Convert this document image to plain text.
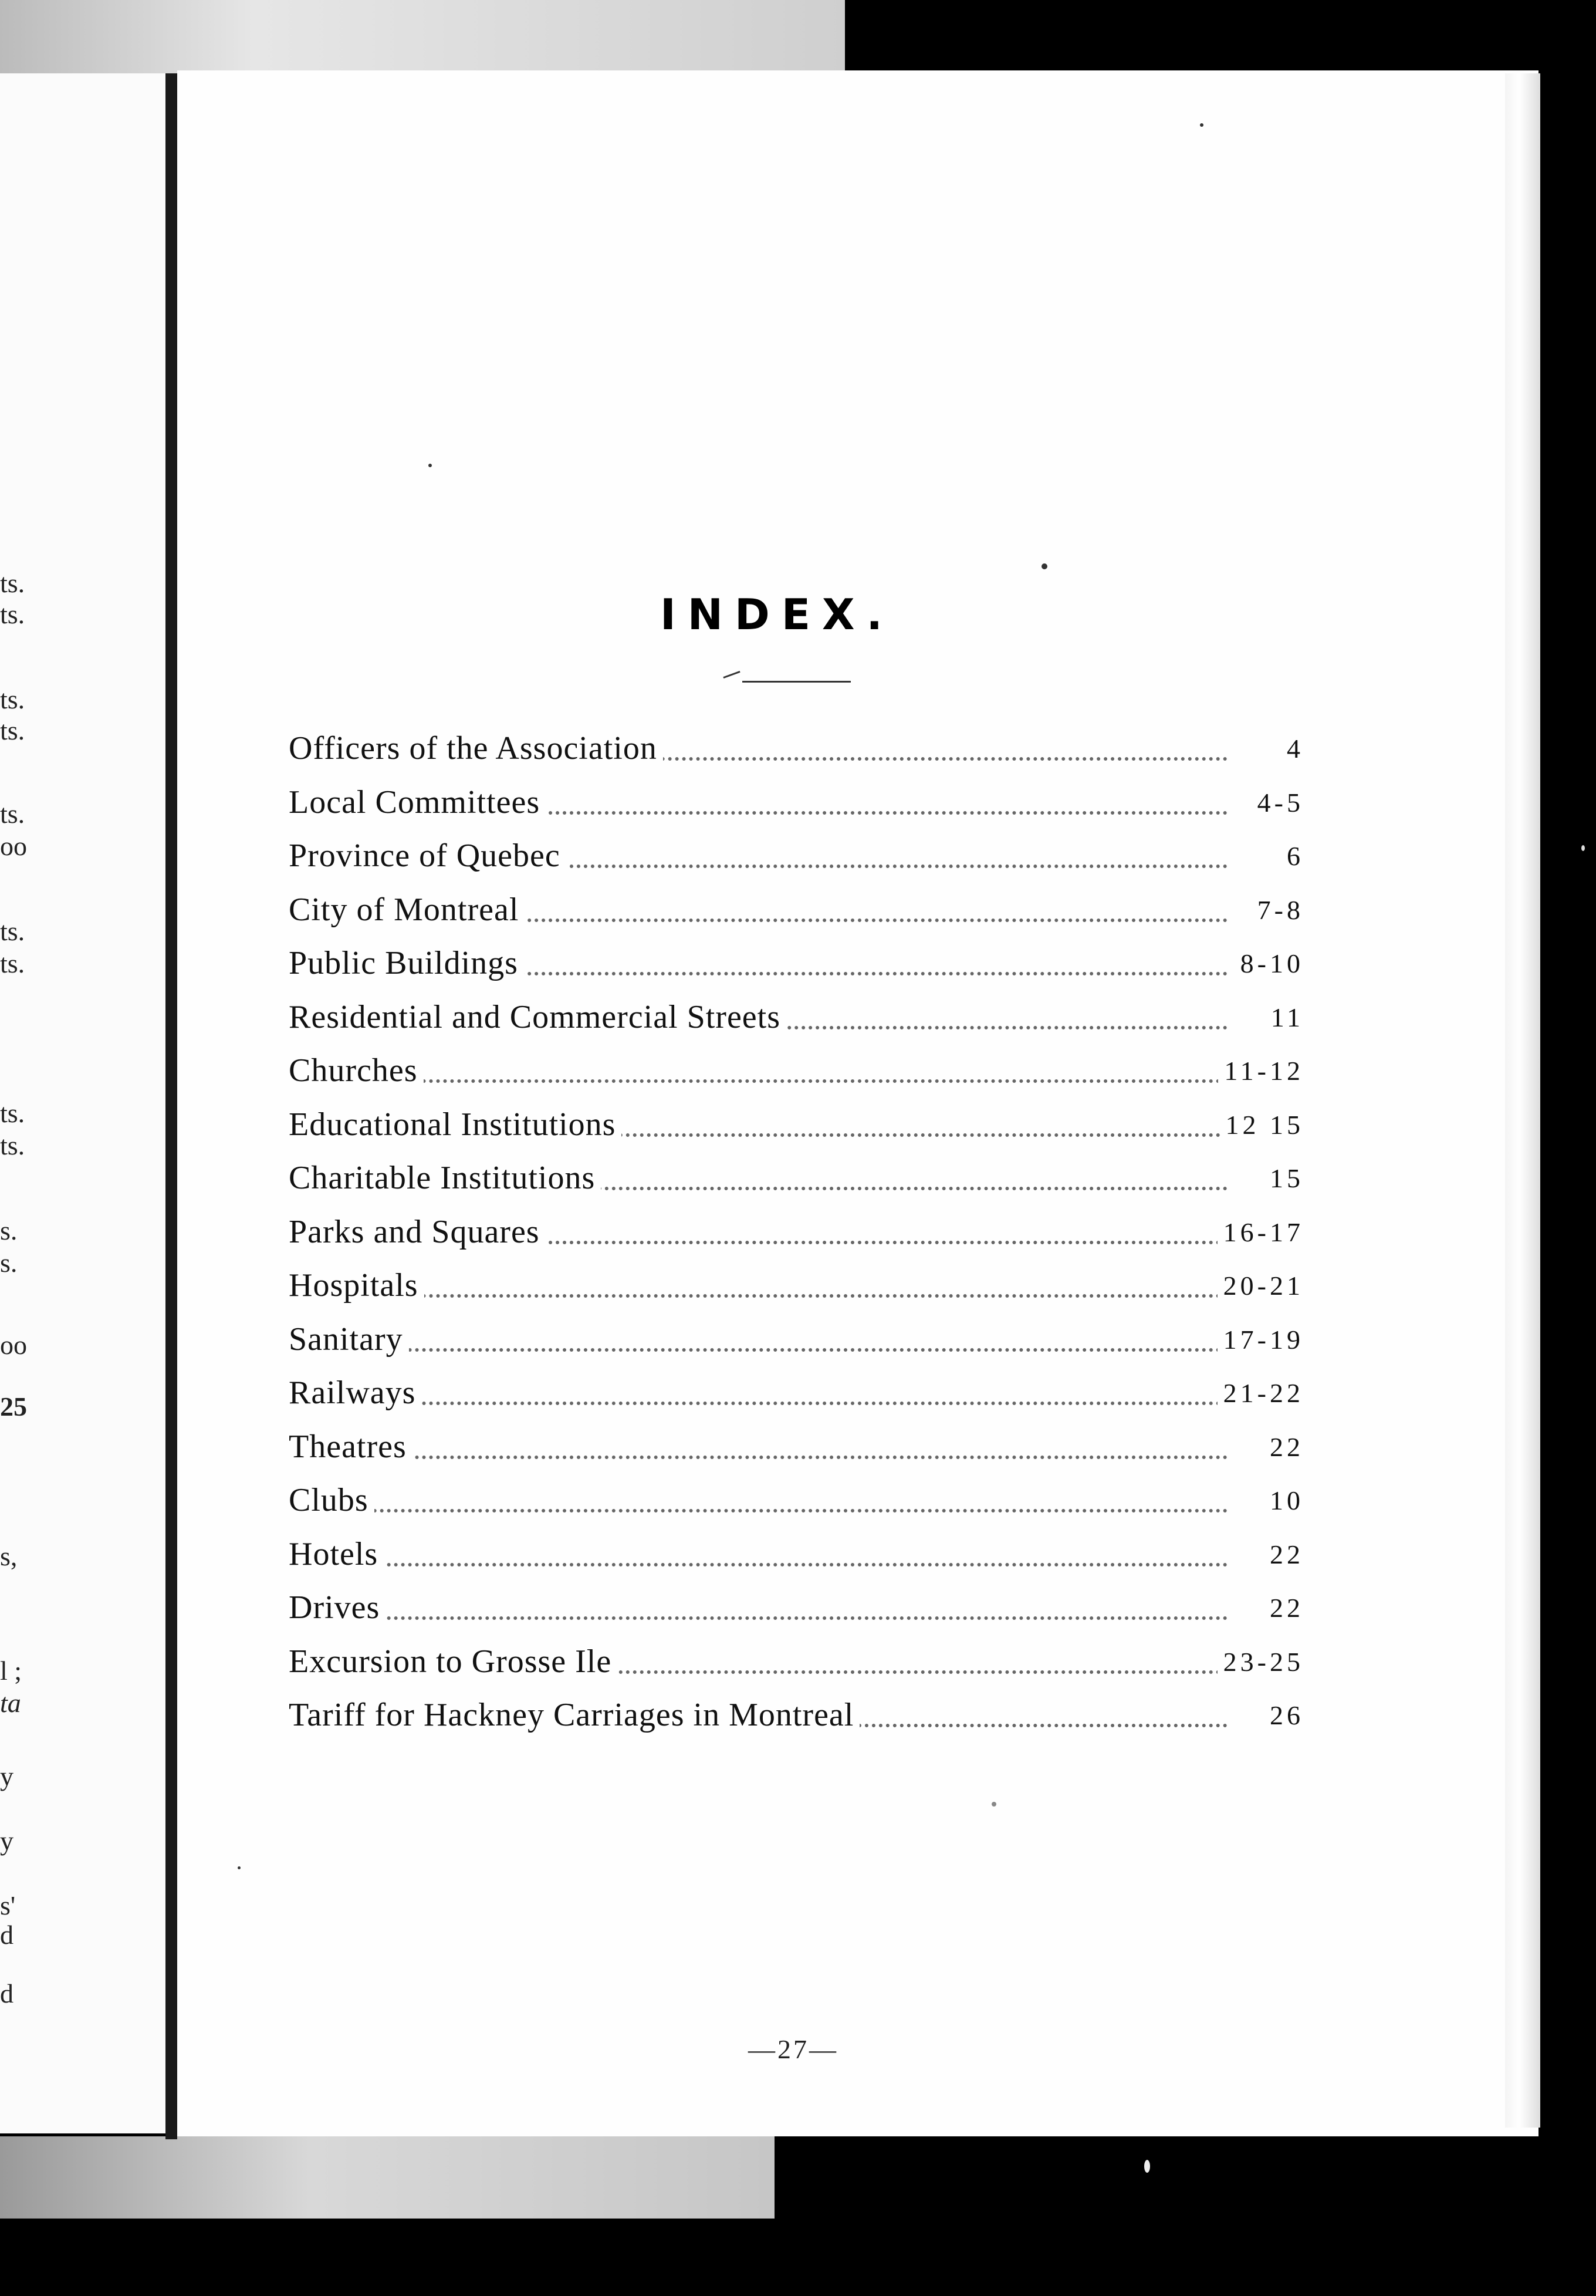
ts.
ts.
ts.
ts.
ts.
oo
ts.
ts.
ts.
ts.
s.
s.
oo
25
s,
l ;
ta
y
y
s'
d
d
INDEX.
Officers of the Association	4
Local Committees	4-5
Province of Quebec	6
City of Montreal	7-8
Public Buildings	8-10
Residential and Commercial Streets	11
Churches	11-12
Educational Institutions	12 15
Charitable Institutions	15
Parks and Squares	16-17
Hospitals	20-21
Sanitary	17-19
Railways	21-22
Theatres	22
Clubs	10
Hotels	22
Drives	22
Excursion to Grosse Ile	23-25
Tariff for Hackney Carriages in Montreal	26
—27—
